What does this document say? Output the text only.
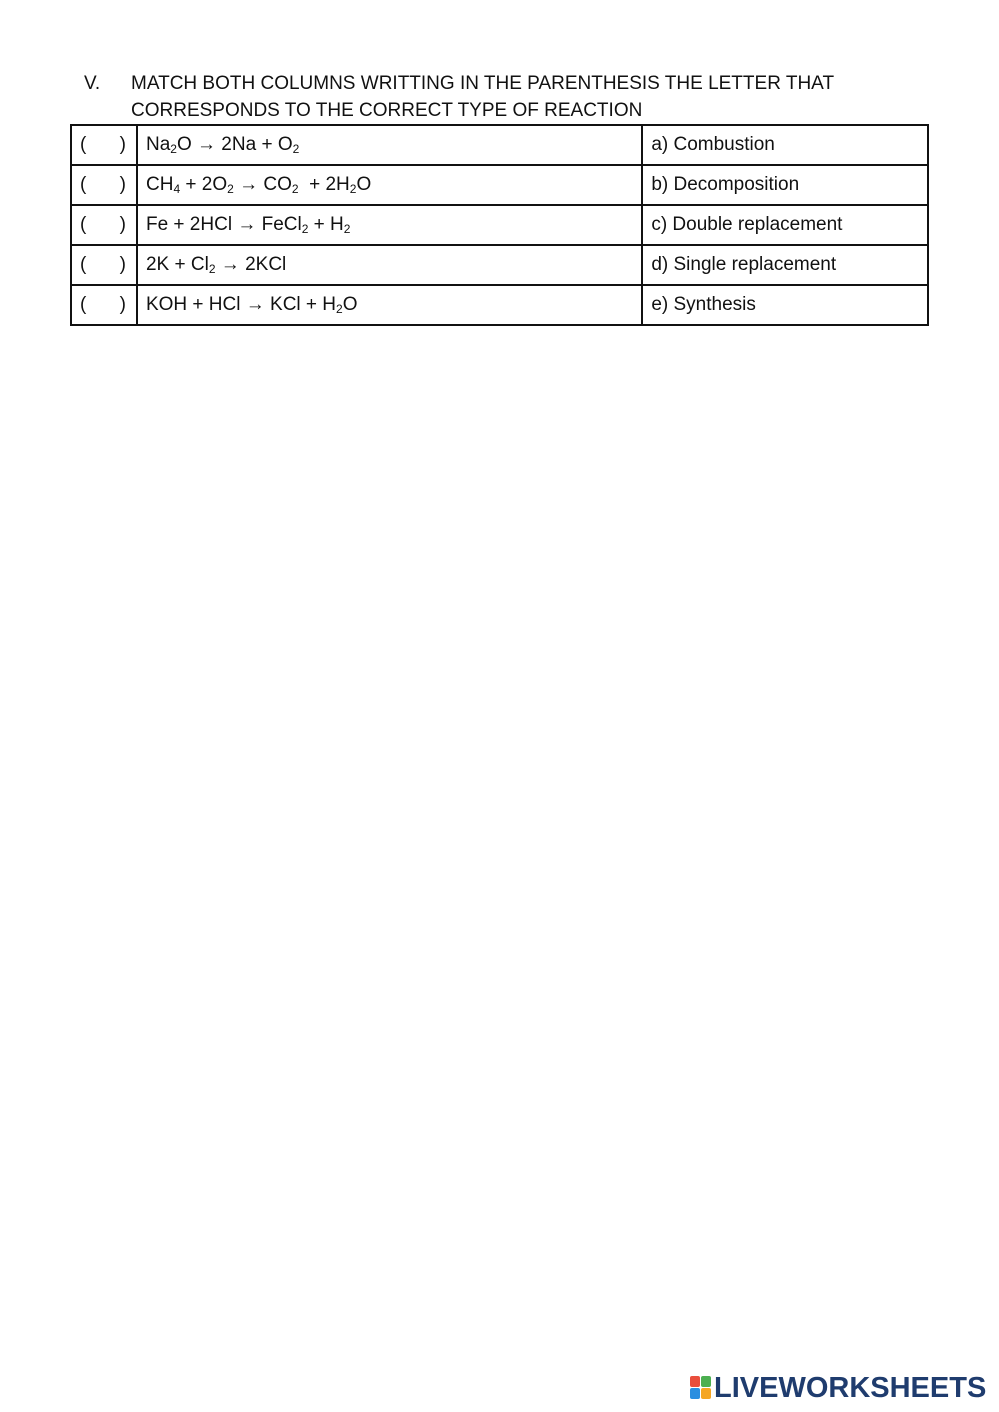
V. MATCH BOTH COLUMNS WRITTING IN THE PARENTHESIS THE LETTER THAT CORRESPONDS TO THE CORRECT TYPE OF REACTION
( )	$Na_2O \to 2Na + O_2$	a) Combustion

( )	$CH_4 + 2O_2 \to CO_2 + 2H_2O$	b) Decomposition

( )	Fe + 2HCl → FeCl$_2$ + $H_2$	c) Double replacement

( )	$2K + Cl_2 \to 2KCl$	d) Single replacement

( )	KOH + HCl → KCl + $H_2O$	e) Synthesis
LIVEWORKSHEETS
